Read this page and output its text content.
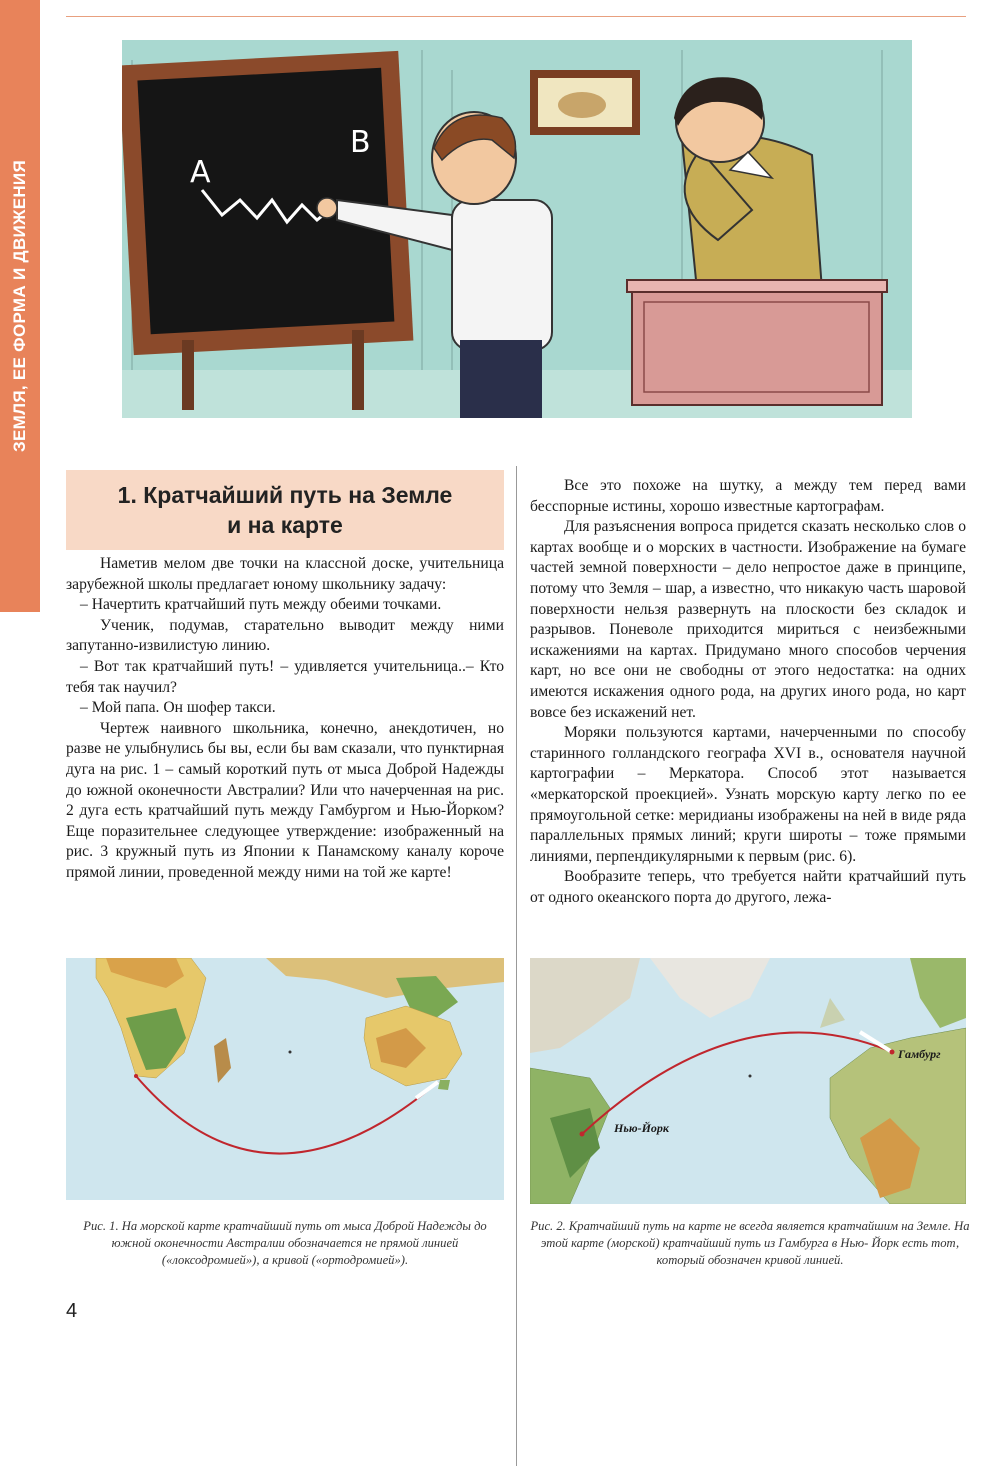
ЗЕМЛЯ, ЕЕ ФОРМА И ДВИЖЕНИЯ	A
B
1. Кратчайший путь на Земле
и на карте

Наметив мелом две точки на классной доске, учительница зарубежной школы предлагает юному школьнику задачу:

– Начертить кратчайший путь между обеими точками.

Ученик, подумав, старательно выводит между ними запутанно-извилистую линию.

– Вот так кратчайший путь! – удивляется учительница..– Кто тебя так научил?

– Мой папа. Он шофер такси.

Чертеж наивного школьника, конечно, анекдотичен, но разве не улыбнулись бы вы, если бы вам сказали, что пунктирная дуга на рис. 1 – самый короткий путь от мыса Доброй Надежды до южной оконечности Австралии? Или что начерченная на рис. 2 дуга есть кратчайший путь между Гамбургом и Нью-Йорком? Еще поразительнее следующее утверждение: изображенный на рис. 3 кружный путь из Японии к Панамскому каналу короче прямой линии, проведенной между ними на той же карте!

Все это похоже на шутку, а между тем перед вами бесспорные истины, хорошо известные картографам.

Для разъяснения вопроса придется сказать несколько слов о картах вообще и о морских в частности. Изображение на бумаге частей земной поверхности – дело непростое даже в принципе, потому что Земля – шар, а известно, что никакую часть шаровой поверхности нельзя развернуть на плоскости без складок и разрывов. Поневоле приходится мириться с неизбежными искажениями на картах. Придумано много способов черчения карт, но все они не свободны от этого недостатка: на одних имеются искажения одного рода, на других иного рода, но карт вовсе без искажений нет.

Моряки пользуются картами, начерченными по способу старинного голландского географа XVI в., основателя научной картографии – Меркатора. Способ этот называется «меркаторской проекцией». Узнать морскую карту легко по ее прямоугольной сетке: меридианы изображены на ней в виде ряда параллельных прямых линий; круги широты – тоже прямыми линиями, перпендикулярными к первым (рис. 6).

Вообразите теперь, что требуется найти кратчайший путь от одного океанского порта до другого, лежа-

Гамбург
Нью-Йорк
Рис. 1. На морской карте кратчайший путь от мыса Доброй Надежды до южной оконечности Австралии обозначается не прямой линией («локсодромией»), а кривой («ортодромией»).
Рис. 2. Кратчайший путь на карте не всегда является кратчайшим на Земле. На этой карте (морской) кратчайший путь из Гамбурга в Нью- Йорк есть тот, который обозначен кривой линией.
4
